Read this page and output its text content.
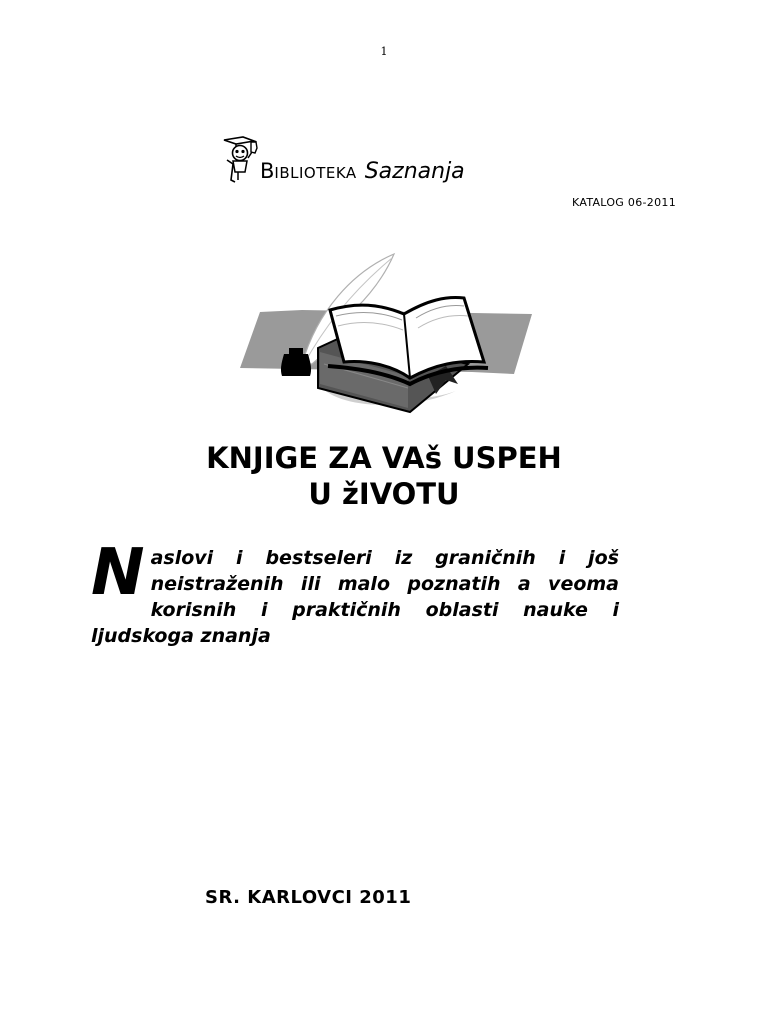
1
BIBLIOTEKA Saznanja
KATALOG 06-2011
KNJIGE ZA VAš USPEH
U žIVOTU
N aslovi i bestseleri iz graničnih i još neistraženih ili malo poznatih a veoma korisnih i praktičnih oblasti nauke i ljudskoga znanja

SR. KARLOVCI 2011
